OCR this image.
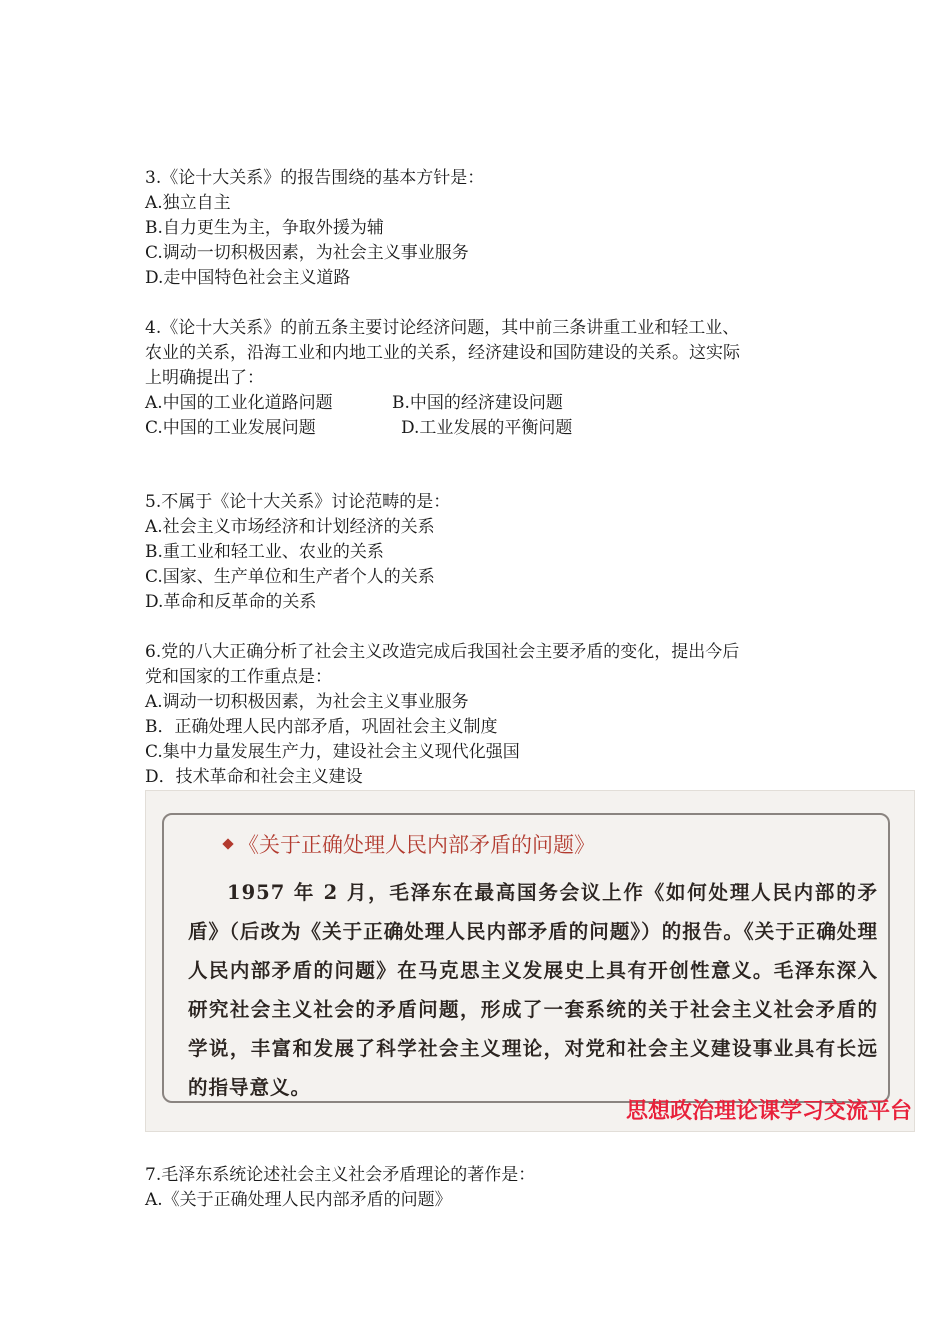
3.《论十大关系》的报告围绕的基本方针是：
A.独立自主
B.自力更生为主，争取外援为辅
C.调动一切积极因素，为社会主义事业服务
D.走中国特色社会主义道路
4.《论十大关系》的前五条主要讨论经济问题，其中前三条讲重工业和轻工业、
农业的关系，沿海工业和内地工业的关系，经济建设和国防建设的关系。这实际
上明确提出了：
A.中国的工业化道路问题	B.中国的经济建设问题
C.中国的工业发展问题	D.工业发展的平衡问题
5.不属于《论十大关系》讨论范畴的是：
A.社会主义市场经济和计划经济的关系
B.重工业和轻工业、农业的关系
C.国家、生产单位和生产者个人的关系
D.革命和反革命的关系
6.党的八大正确分析了社会主义改造完成后我国社会主要矛盾的变化，提出今后
党和国家的工作重点是：
A.调动一切积极因素，为社会主义事业服务
B．正确处理人民内部矛盾，巩固社会主义制度
C.集中力量发展生产力，建设社会主义现代化强国
D．技术革命和社会主义建设
《关于正确处理人民内部矛盾的问题》
1957 年 2 月，毛泽东在最高国务会议上作《如何处理人民内部的矛盾》（后改为《关于正确处理人民内部矛盾的问题》）的报告。《关于正确处理人民内部矛盾的问题》在马克思主义发展史上具有开创性意义。毛泽东深入研究社会主义社会的矛盾问题，形成了一套系统的关于社会主义社会矛盾的学说，丰富和发展了科学社会主义理论，对党和社会主义建设事业具有长远的指导意义。
思想政治理论课学习交流平台
7.毛泽东系统论述社会主义社会矛盾理论的著作是：
A.《关于正确处理人民内部矛盾的问题》
